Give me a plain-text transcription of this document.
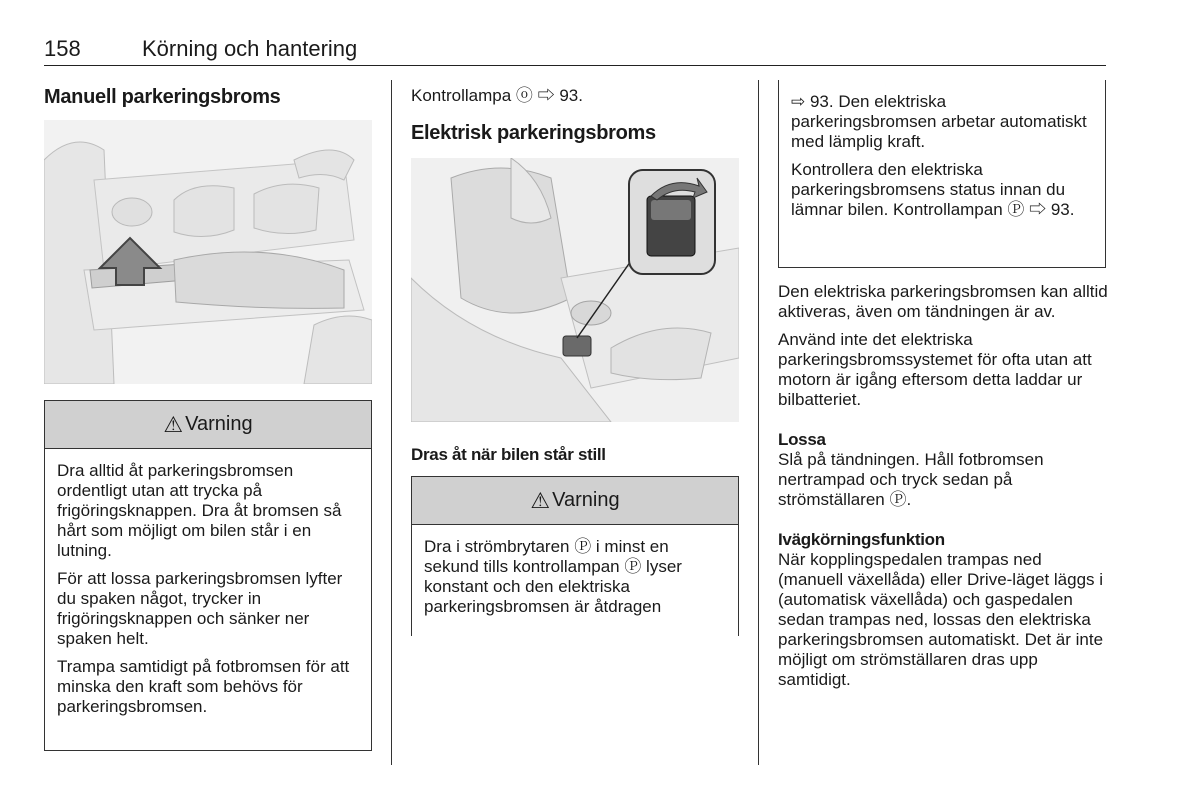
158	Körning och hantering
Manuell parkeringsbroms
⚠ Varning

Dra alltid åt parkeringsbromsen ordentligt utan att trycka på frigöringsknappen. Dra åt bromsen så hårt som möjligt om bilen står i en lutning.

För att lossa parkeringsbromsen lyfter du spaken något, trycker in frigöringsknappen och sänker ner spaken helt.

Trampa samtidigt på fotbromsen för att minska den kraft som behövs för parkeringsbromsen.

Kontrollampa ⓞ ⇨ 93.

Elektrisk parkeringsbroms
Dras åt när bilen står still
⚠ Varning

Dra i strömbrytaren Ⓟ i minst en sekund tills kontrollampan Ⓟ lyser konstant och den elektriska parkeringsbromsen är åtdragen

⇨ 93. Den elektriska parkeringsbromsen arbetar automatiskt med lämplig kraft.

Kontrollera den elektriska parkeringsbromsens status innan du lämnar bilen. Kontrollampan Ⓟ ⇨ 93.

Den elektriska parkeringsbromsen kan alltid aktiveras, även om tändningen är av.

Använd inte det elektriska parkeringsbromssystemet för ofta utan att motorn är igång eftersom detta laddar ur bilbatteriet.

Lossa

Slå på tändningen. Håll fotbromsen nertrampad och tryck sedan på strömställaren Ⓟ.

Ivägkörningsfunktion

När kopplingspedalen trampas ned (manuell växellåda) eller Drive-läget läggs i (automatisk växellåda) och gaspedalen sedan trampas ned, lossas den elektriska parkeringsbromsen automatiskt. Det är inte möjligt om strömställaren dras upp samtidigt.
